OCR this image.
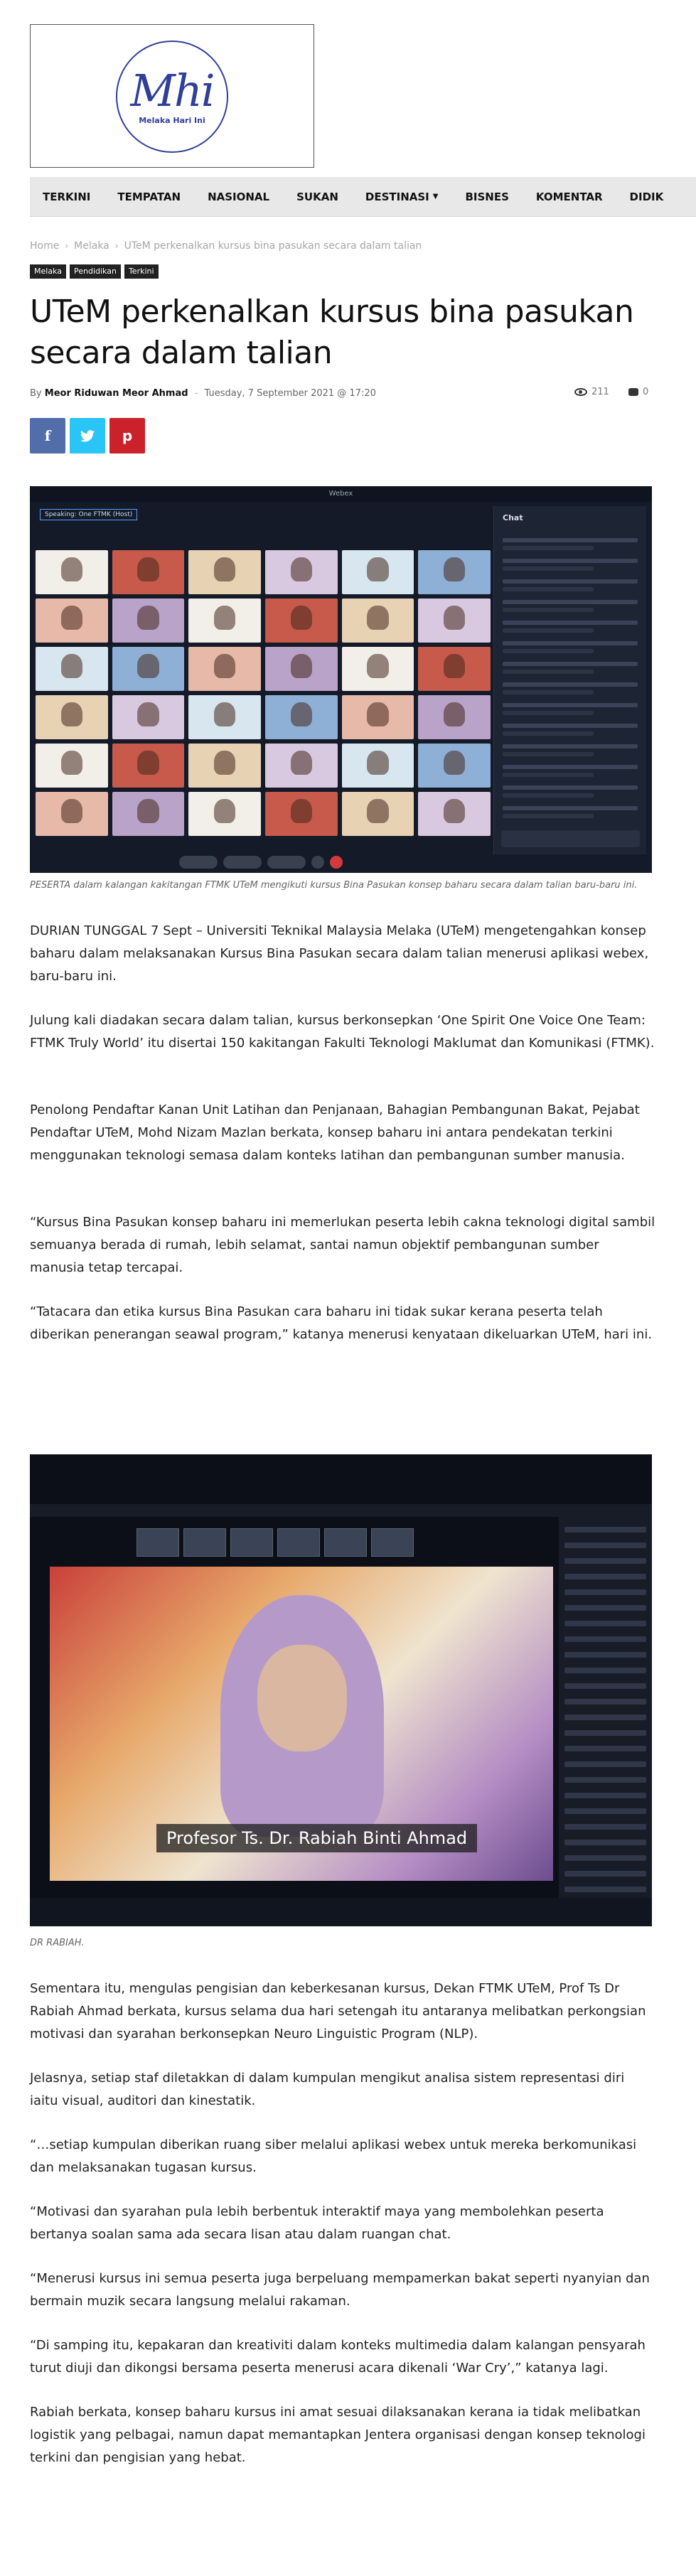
Mhi
Melaka Hari Ini
TERKINI	TEMPATAN	NASIONAL	SUKAN	DESTINASI ▼	BISNES	KOMENTAR	DIDIK
Home › Melaka › UTeM perkenalkan kursus bina pasukan secara dalam talian
Melaka	Pendidikan	Terkini
UTeM perkenalkan kursus bina pasukan secara dalam talian
By Meor Riduwan Meor Ahmad - Tuesday, 7 September 2021 @ 17:20	211	0
f	p
Webex
Speaking: One FTMK (Host)	Chat

PESERTA dalam kalangan kakitangan FTMK UTeM mengikuti kursus Bina Pasukan konsep baharu secara dalam talian baru-baru ini.

DURIAN TUNGGAL 7 Sept – Universiti Teknikal Malaysia Melaka (UTeM) mengetengahkan konsep baharu dalam melaksanakan Kursus Bina Pasukan secara dalam talian menerusi aplikasi webex, baru-baru ini.

Julung kali diadakan secara dalam talian, kursus berkonsepkan ‘One Spirit One Voice One Team: FTMK Truly World’ itu disertai 150 kakitangan Fakulti Teknologi Maklumat dan Komunikasi (FTMK).

Penolong Pendaftar Kanan Unit Latihan dan Penjanaan, Bahagian Pembangunan Bakat, Pejabat Pendaftar UTeM, Mohd Nizam Mazlan berkata, konsep baharu ini antara pendekatan terkini menggunakan teknologi semasa dalam konteks latihan dan pembangunan sumber manusia.

“Kursus Bina Pasukan konsep baharu ini memerlukan peserta lebih cakna teknologi digital sambil semuanya berada di rumah, lebih selamat, santai namun objektif pembangunan sumber manusia tetap tercapai.

“Tatacara dan etika kursus Bina Pasukan cara baharu ini tidak sukar kerana peserta telah diberikan penerangan seawal program,” katanya menerusi kenyataan dikeluarkan UTeM, hari ini.

Profesor Ts. Dr. Rabiah Binti Ahmad

DR RABIAH.

Sementara itu, mengulas pengisian dan keberkesanan kursus, Dekan FTMK UTeM, Prof Ts Dr Rabiah Ahmad berkata, kursus selama dua hari setengah itu antaranya melibatkan perkongsian motivasi dan syarahan berkonsepkan Neuro Linguistic Program (NLP).

Jelasnya, setiap staf diletakkan di dalam kumpulan mengikut analisa sistem representasi diri iaitu visual, auditori dan kinestatik.

“…setiap kumpulan diberikan ruang siber melalui aplikasi webex untuk mereka berkomunikasi dan melaksanakan tugasan kursus.

“Motivasi dan syarahan pula lebih berbentuk interaktif maya yang membolehkan peserta bertanya soalan sama ada secara lisan atau dalam ruangan chat.

“Menerusi kursus ini semua peserta juga berpeluang mempamerkan bakat seperti nyanyian dan bermain muzik secara langsung melalui rakaman.

“Di samping itu, kepakaran dan kreativiti dalam konteks multimedia dalam kalangan pensyarah turut diuji dan dikongsi bersama peserta menerusi acara dikenali ‘War Cry’,” katanya lagi.

Rabiah berkata, konsep baharu kursus ini amat sesuai dilaksanakan kerana ia tidak melibatkan logistik yang pelbagai, namun dapat memantapkan Jentera organisasi dengan konsep teknologi terkini dan pengisian yang hebat.
